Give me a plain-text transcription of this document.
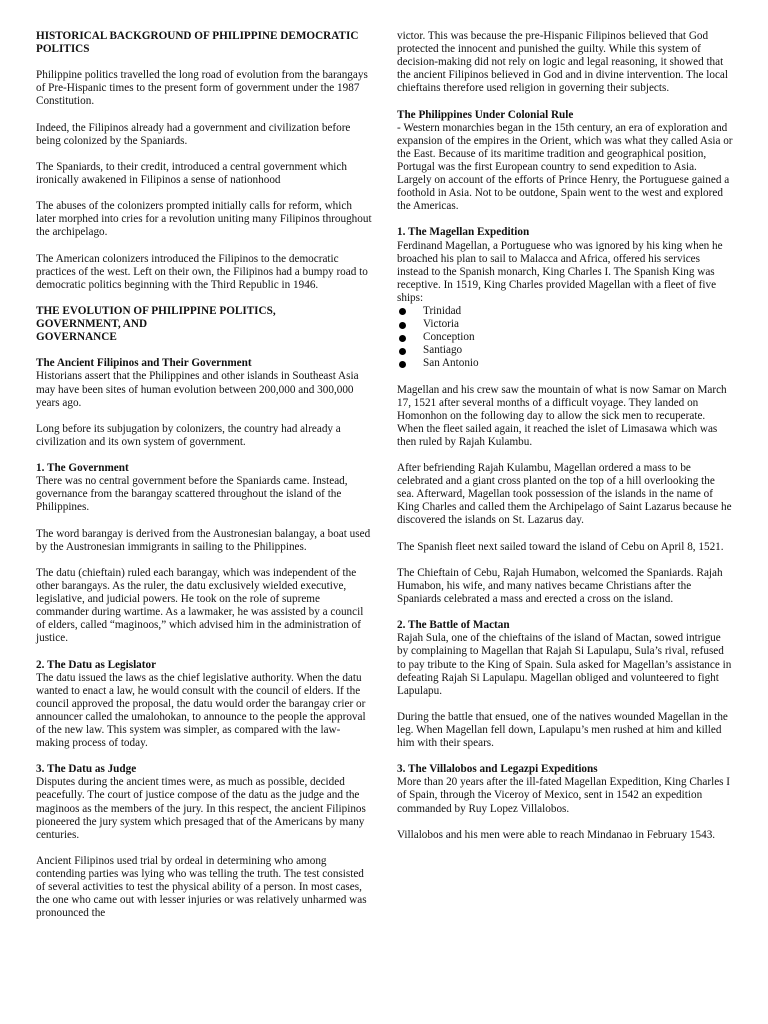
HISTORICAL BACKGROUND OF PHILIPPINE DEMOCRATIC POLITICS

Philippine politics travelled the long road of evolution from the barangays of Pre-Hispanic times to the present form of government under the 1987 Constitution.

Indeed, the Filipinos already had a government and civilization before being colonized by the Spaniards.

The Spaniards, to their credit, introduced a central government which ironically awakened in Filipinos a sense of nationhood

The abuses of the colonizers prompted initially calls for reform, which later morphed into cries for a revolution uniting many Filipinos throughout the archipelago.

The American colonizers introduced the Filipinos to the democratic practices of the west. Left on their own, the Filipinos had a bumpy road to democratic politics beginning with the Third Republic in 1946.

THE EVOLUTION OF PHILIPPINE POLITICS,
GOVERNMENT, AND
GOVERNANCE
The Ancient Filipinos and Their Government

Historians assert that the Philippines and other islands in Southeast Asia may have been sites of human evolution between 200,000 and 300,000 years ago.

Long before its subjugation by colonizers, the country had already a civilization and its own system of government.

1. The Government

There was no central government before the Spaniards came. Instead, governance from the barangay scattered throughout the island of the Philippines.

The word barangay is derived from the Austronesian balangay, a boat used by the Austronesian immigrants in sailing to the Philippines.

The datu (chieftain) ruled each barangay, which was independent of the other barangays. As the ruler, the datu exclusively wielded executive, legislative, and judicial powers. He took on the role of supreme commander during wartime. As a lawmaker, he was assisted by a council of elders, called “maginoos,” which advised him in the administration of justice.

2. The Datu as Legislator

The datu issued the laws as the chief legislative authority. When the datu wanted to enact a law, he would consult with the council of elders. If the council approved the proposal, the datu would order the barangay crier or announcer called the umalohokan, to announce to the people the approval of the new law. This system was simpler, as compared with the law-making process of today.

3. The Datu as Judge

Disputes during the ancient times were, as much as possible, decided peacefully. The court of justice compose of the datu as the judge and the maginoos as the members of the jury. In this respect, the ancient Filipinos pioneered the jury system which presaged that of the Americans by many centuries.

Ancient Filipinos used trial by ordeal in determining who among contending parties was lying who was telling the truth. The test consisted of several activities to test the physical ability of a person. In most cases, the one who came out with lesser injuries or was relatively unharmed was pronounced the

victor. This was because the pre-Hispanic Filipinos believed that God protected the innocent and punished the guilty. While this system of decision-making did not rely on logic and legal reasoning, it showed that the ancient Filipinos believed in God and in divine intervention. The local chieftains therefore used religion in governing their subjects.

The Philippines Under Colonial Rule

- Western monarchies began in the 15th century, an era of exploration and expansion of the empires in the Orient, which was what they called Asia or the East. Because of its maritime tradition and geographical position, Portugal was the first European country to send expedition to Asia. Largely on account of the efforts of Prince Henry, the Portuguese gained a foothold in Asia. Not to be outdone, Spain went to the west and explored the Americas.

1. The Magellan Expedition

Ferdinand Magellan, a Portuguese who was ignored by his king when he broached his plan to sail to Malacca and Africa, offered his services instead to the Spanish monarch, King Charles I. The Spanish King was receptive. In 1519, King Charles provided Magellan with a fleet of five ships:

Trinidad
Victoria
Conception
Santiago
San Antonio

Magellan and his crew saw the mountain of what is now Samar on March 17, 1521 after several months of a difficult voyage. They landed on Homonhon on the following day to allow the sick men to recuperate. When the fleet sailed again, it reached the islet of Limasawa which was then ruled by Rajah Kulambu.

After befriending Rajah Kulambu, Magellan ordered a mass to be celebrated and a giant cross planted on the top of a hill overlooking the sea. Afterward, Magellan took possession of the islands in the name of King Charles and called them the Archipelago of Saint Lazarus because he discovered the islands on St. Lazarus day.

The Spanish fleet next sailed toward the island of Cebu on April 8, 1521.

The Chieftain of Cebu, Rajah Humabon, welcomed the Spaniards. Rajah Humabon, his wife, and many natives became Christians after the Spaniards celebrated a mass and erected a cross on the island.

2. The Battle of Mactan

Rajah Sula, one of the chieftains of the island of Mactan, sowed intrigue by complaining to Magellan that Rajah Si Lapulapu, Sula’s rival, refused to pay tribute to the King of Spain. Sula asked for Magellan’s assistance in defeating Rajah Si Lapulapu. Magellan obliged and volunteered to fight Lapulapu.

During the battle that ensued, one of the natives wounded Magellan in the leg. When Magellan fell down, Lapulapu’s men rushed at him and killed him with their spears.

3. The Villalobos and Legazpi Expeditions

More than 20 years after the ill-fated Magellan Expedition, King Charles I of Spain, through the Viceroy of Mexico, sent in 1542 an expedition commanded by Ruy Lopez Villalobos.

Villalobos and his men were able to reach Mindanao in February 1543.
